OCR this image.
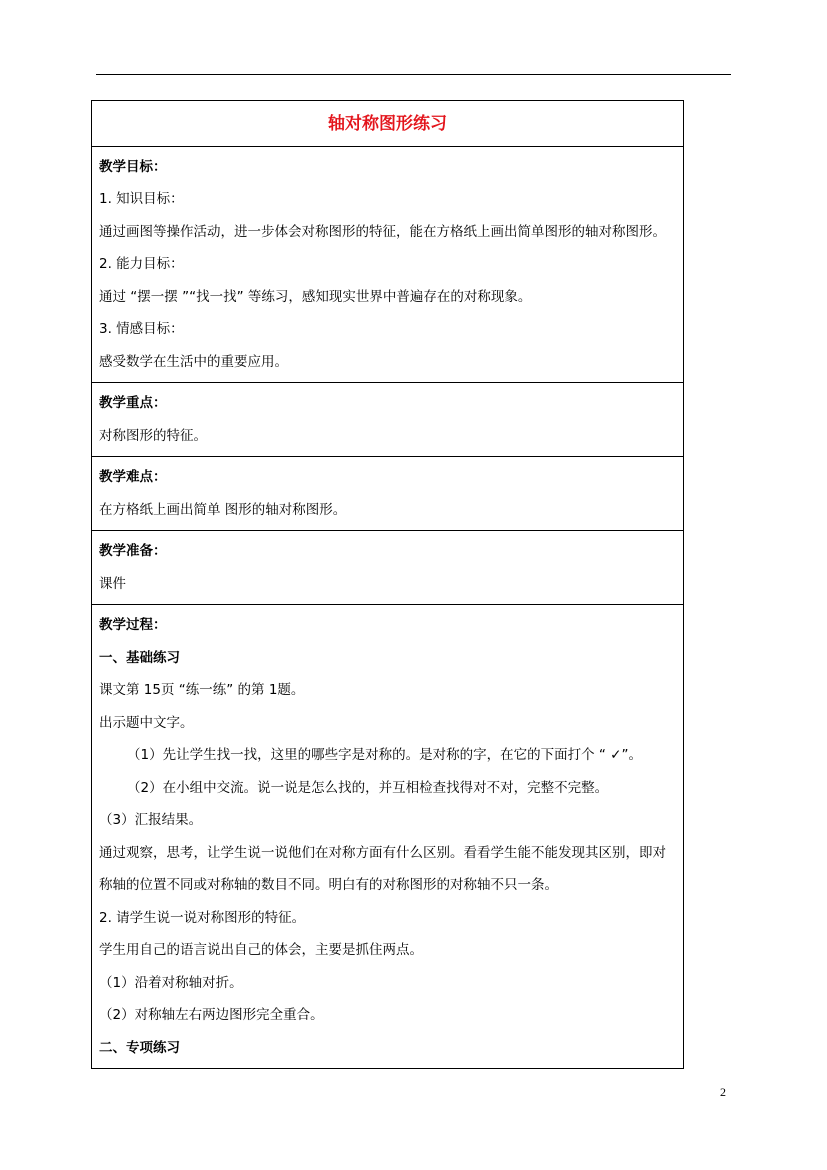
轴对称图形练习

教学目标：
1. 知识目标：
通过画图等操作活动，进一步体会对称图形的特征，能在方格纸上画出简单图形的轴对称图形。
2. 能力目标：
通过 “摆一摆 ”“找一找” 等练习，感知现实世界中普遍存在的对称现象。
3. 情感目标：
感受数学在生活中的重要应用。

教学重点：
对称图形的特征。

教学难点：
在方格纸上画出简单 图形的轴对称图形。

教学准备：
课件

教学过程：
一、基础练习
课文第 15页 “练一练” 的第 1题。
出示题中文字。
（1）先让学生找一找，这里的哪些字是对称的。是对称的字，在它的下面打个 “ ✓”。
（2）在小组中交流。说一说是怎么找的，并互相检查找得对不对，完整不完整。
（3）汇报结果。
通过观察，思考，让学生说一说他们在对称方面有什么区别。看看学生能不能发现其区别，即对称轴的位置不同或对称轴的数目不同。明白有的对称图形的对称轴不只一条。
2. 请学生说一说对称图形的特征。
学生用自己的语言说出自己的体会，主要是抓住两点。
（1）沿着对称轴对折。
（2）对称轴左右两边图形完全重合。
二、专项练习
2
